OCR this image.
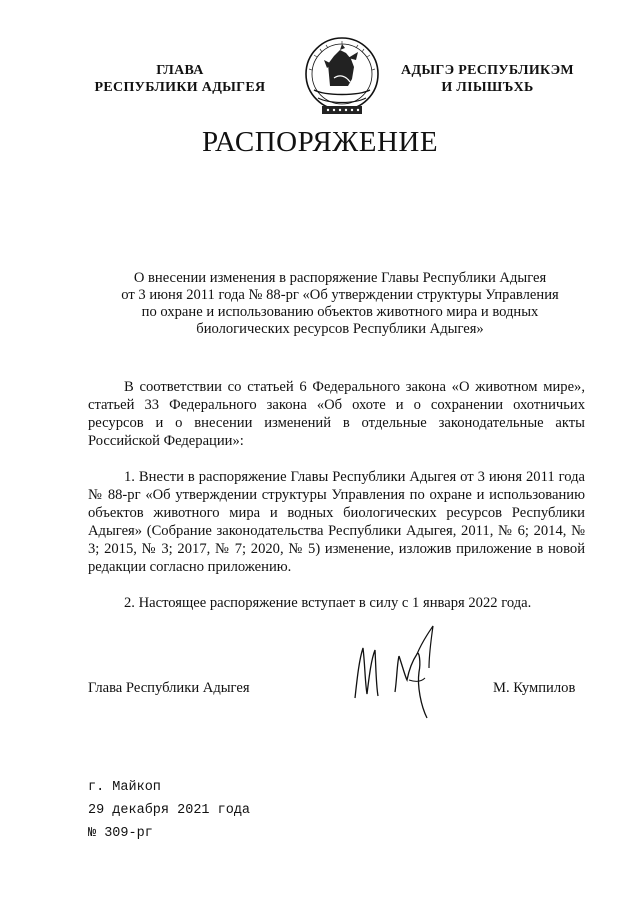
ГЛАВА
РЕСПУБЛИКИ АДЫГЕЯ
АДЫГЭ РЕСПУБЛИКЭМ
И ЛІЫШЪХЬ
РАСПОРЯЖЕНИЕ
О внесении изменения в распоряжение Главы Республики Адыгея
от 3 июня 2011 года № 88-рг «Об утверждении структуры Управления
по охране и использованию объектов животного мира и водных
биологических ресурсов Республики Адыгея»
В соответствии со статьей 6 Федерального закона «О животном мире», статьей 33 Федерального закона «Об охоте и о сохранении охотничьих ресурсов и о внесении изменений в отдельные законодательные акты Российской Федерации»:
1. Внести в распоряжение Главы Республики Адыгея от 3 июня 2011 года № 88-рг «Об утверждении структуры Управления по охране и использованию объектов животного мира и водных биологических ресурсов Республики Адыгея» (Собрание законодательства Республики Адыгея, 2011, № 6; 2014, № 3; 2015, № 3; 2017, № 7; 2020, № 5) изменение, изложив приложение в новой редакции согласно приложению.
2. Настоящее распоряжение вступает в силу с 1 января 2022 года.
Глава Республики Адыгея	М. Кумпилов
г. Майкоп
29 декабря 2021 года
№ 309-рг
